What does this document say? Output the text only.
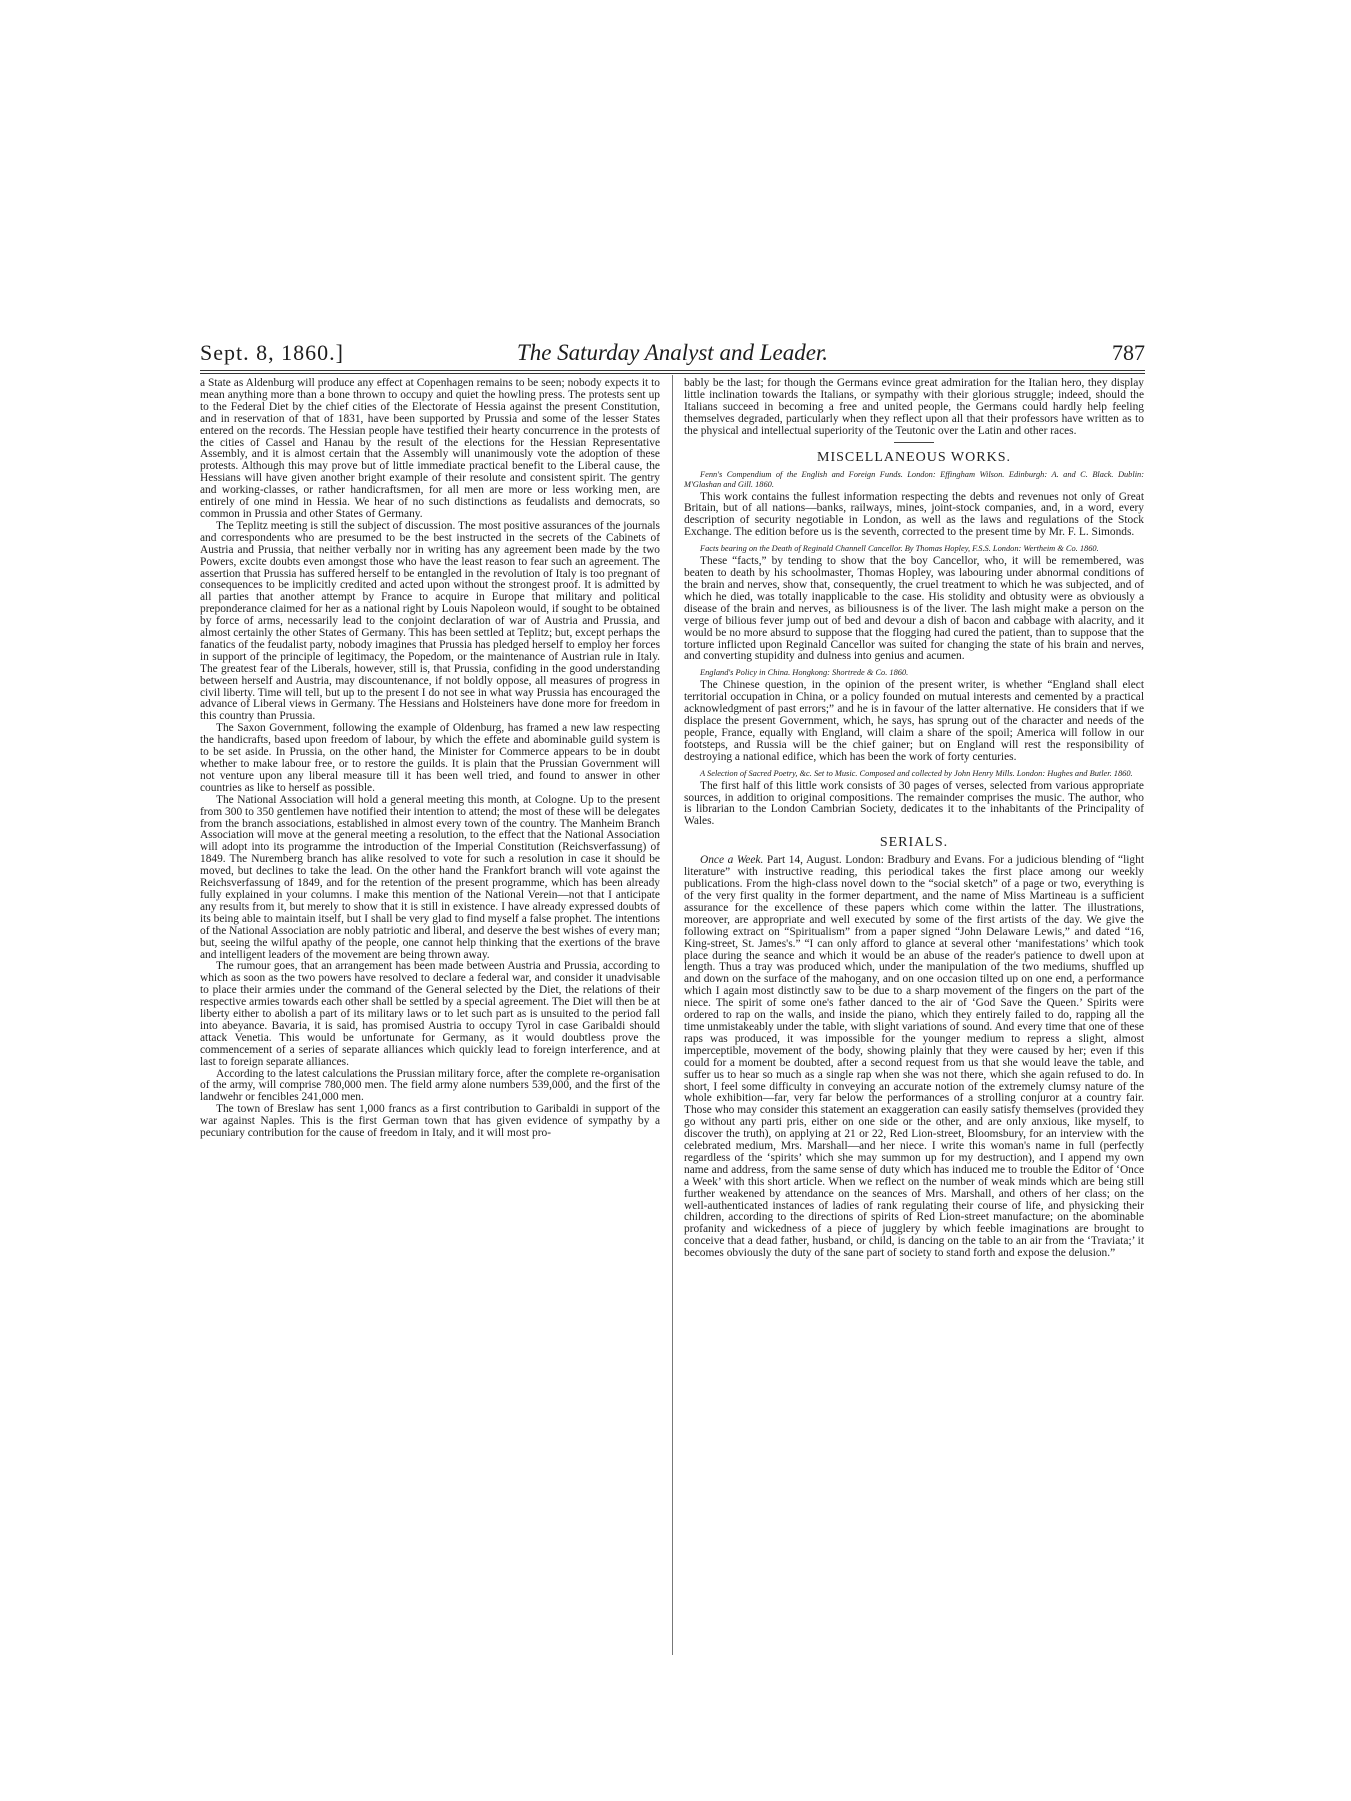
Sept. 8, 1860.]	The Saturday Analyst and Leader.	787

a State as Aldenburg will produce any effect at Copenhagen remains to be seen; nobody expects it to mean anything more than a bone thrown to occupy and quiet the howling press. The protests sent up to the Federal Diet by the chief cities of the Electorate of Hessia against the present Constitution, and in reservation of that of 1831, have been supported by Prussia and some of the lesser States entered on the records. The Hessian people have testified their hearty concurrence in the protests of the cities of Cassel and Hanau by the result of the elections for the Hessian Representative Assembly, and it is almost certain that the Assembly will unanimously vote the adoption of these protests. Although this may prove but of little immediate practical benefit to the Liberal cause, the Hessians will have given another bright example of their resolute and consistent spirit. The gentry and working-classes, or rather handicraftsmen, for all men are more or less working men, are entirely of one mind in Hessia. We hear of no such distinctions as feudalists and democrats, so common in Prussia and other States of Germany.

The Teplitz meeting is still the subject of discussion. The most positive assurances of the journals and correspondents who are presumed to be the best instructed in the secrets of the Cabinets of Austria and Prussia, that neither verbally nor in writing has any agreement been made by the two Powers, excite doubts even amongst those who have the least reason to fear such an agreement. The assertion that Prussia has suffered herself to be entangled in the revolution of Italy is too pregnant of consequences to be implicitly credited and acted upon without the strongest proof. It is admitted by all parties that another attempt by France to acquire in Europe that military and political preponderance claimed for her as a national right by Louis Napoleon would, if sought to be obtained by force of arms, necessarily lead to the conjoint declaration of war of Austria and Prussia, and almost certainly the other States of Germany. This has been settled at Teplitz; but, except perhaps the fanatics of the feudalist party, nobody imagines that Prussia has pledged herself to employ her forces in support of the principle of legitimacy, the Popedom, or the maintenance of Austrian rule in Italy. The greatest fear of the Liberals, however, still is, that Prussia, confiding in the good understanding between herself and Austria, may discountenance, if not boldly oppose, all measures of progress in civil liberty. Time will tell, but up to the present I do not see in what way Prussia has encouraged the advance of Liberal views in Germany. The Hessians and Holsteiners have done more for freedom in this country than Prussia.

The Saxon Government, following the example of Oldenburg, has framed a new law respecting the handicrafts, based upon freedom of labour, by which the effete and abominable guild system is to be set aside. In Prussia, on the other hand, the Minister for Commerce appears to be in doubt whether to make labour free, or to restore the guilds. It is plain that the Prussian Government will not venture upon any liberal measure till it has been well tried, and found to answer in other countries as like to herself as possible.

The National Association will hold a general meeting this month, at Cologne. Up to the present from 300 to 350 gentlemen have notified their intention to attend; the most of these will be delegates from the branch associations, established in almost every town of the country. The Manheim Branch Association will move at the general meeting a resolution, to the effect that the National Association will adopt into its programme the introduction of the Imperial Constitution (Reichsverfassung) of 1849. The Nuremberg branch has alike resolved to vote for such a resolution in case it should be moved, but declines to take the lead. On the other hand the Frankfort branch will vote against the Reichsverfassung of 1849, and for the retention of the present programme, which has been already fully explained in your columns. I make this mention of the National Verein—not that I anticipate any results from it, but merely to show that it is still in existence. I have already expressed doubts of its being able to maintain itself, but I shall be very glad to find myself a false prophet. The intentions of the National Association are nobly patriotic and liberal, and deserve the best wishes of every man; but, seeing the wilful apathy of the people, one cannot help thinking that the exertions of the brave and intelligent leaders of the movement are being thrown away.

The rumour goes, that an arrangement has been made between Austria and Prussia, according to which as soon as the two powers have resolved to declare a federal war, and consider it unadvisable to place their armies under the command of the General selected by the Diet, the relations of their respective armies towards each other shall be settled by a special agreement. The Diet will then be at liberty either to abolish a part of its military laws or to let such part as is unsuited to the period fall into abeyance. Bavaria, it is said, has promised Austria to occupy Tyrol in case Garibaldi should attack Venetia. This would be unfortunate for Germany, as it would doubtless prove the commencement of a series of separate alliances which quickly lead to foreign interference, and at last to foreign separate alliances.

According to the latest calculations the Prussian military force, after the complete re-organisation of the army, will comprise 780,000 men. The field army alone numbers 539,000, and the first of the landwehr or fencibles 241,000 men.

The town of Breslaw has sent 1,000 francs as a first contribution to Garibaldi in support of the war against Naples. This is the first German town that has given evidence of sympathy by a pecuniary contribution for the cause of freedom in Italy, and it will most pro-

bably be the last; for though the Germans evince great admiration for the Italian hero, they display little inclination towards the Italians, or sympathy with their glorious struggle; indeed, should the Italians succeed in becoming a free and united people, the Germans could hardly help feeling themselves degraded, particularly when they reflect upon all that their professors have written as to the physical and intellectual superiority of the Teutonic over the Latin and other races.

MISCELLANEOUS WORKS.
Fenn's Compendium of the English and Foreign Funds. London: Effingham Wilson. Edinburgh: A. and C. Black. Dublin: M'Glashan and Gill. 1860.

This work contains the fullest information respecting the debts and revenues not only of Great Britain, but of all nations—banks, railways, mines, joint-stock companies, and, in a word, every description of security negotiable in London, as well as the laws and regulations of the Stock Exchange. The edition before us is the seventh, corrected to the present time by Mr. F. L. Simonds.

Facts bearing on the Death of Reginald Channell Cancellor. By Thomas Hopley, F.S.S. London: Wertheim & Co. 1860.

These “facts,” by tending to show that the boy Cancellor, who, it will be remembered, was beaten to death by his schoolmaster, Thomas Hopley, was labouring under abnormal conditions of the brain and nerves, show that, consequently, the cruel treatment to which he was subjected, and of which he died, was totally inapplicable to the case. His stolidity and obtusity were as obviously a disease of the brain and nerves, as biliousness is of the liver. The lash might make a person on the verge of bilious fever jump out of bed and devour a dish of bacon and cabbage with alacrity, and it would be no more absurd to suppose that the flogging had cured the patient, than to suppose that the torture inflicted upon Reginald Cancellor was suited for changing the state of his brain and nerves, and converting stupidity and dulness into genius and acumen.

England's Policy in China. Hongkong: Shortrede & Co. 1860.

The Chinese question, in the opinion of the present writer, is whether “England shall elect territorial occupation in China, or a policy founded on mutual interests and cemented by a practical acknowledgment of past errors;” and he is in favour of the latter alternative. He considers that if we displace the present Government, which, he says, has sprung out of the character and needs of the people, France, equally with England, will claim a share of the spoil; America will follow in our footsteps, and Russia will be the chief gainer; but on England will rest the responsibility of destroying a national edifice, which has been the work of forty centuries.

A Selection of Sacred Poetry, &c. Set to Music. Composed and collected by John Henry Mills. London: Hughes and Butler. 1860.

The first half of this little work consists of 30 pages of verses, selected from various appropriate sources, in addition to original compositions. The remainder comprises the music. The author, who is librarian to the London Cambrian Society, dedicates it to the inhabitants of the Principality of Wales.

SERIALS.

Once a Week. Part 14, August. London: Bradbury and Evans. For a judicious blending of “light literature” with instructive reading, this periodical takes the first place among our weekly publications. From the high-class novel down to the “social sketch” of a page or two, everything is of the very first quality in the former department, and the name of Miss Martineau is a sufficient assurance for the excellence of these papers which come within the latter. The illustrations, moreover, are appropriate and well executed by some of the first artists of the day. We give the following extract on “Spiritualism” from a paper signed “John Delaware Lewis,” and dated “16, King-street, St. James's.” “I can only afford to glance at several other ‘manifestations’ which took place during the seance and which it would be an abuse of the reader's patience to dwell upon at length. Thus a tray was produced which, under the manipulation of the two mediums, shuffled up and down on the surface of the mahogany, and on one occasion tilted up on one end, a performance which I again most distinctly saw to be due to a sharp movement of the fingers on the part of the niece. The spirit of some one's father danced to the air of ‘God Save the Queen.’ Spirits were ordered to rap on the walls, and inside the piano, which they entirely failed to do, rapping all the time unmistakeably under the table, with slight variations of sound. And every time that one of these raps was produced, it was impossible for the younger medium to repress a slight, almost imperceptible, movement of the body, showing plainly that they were caused by her; even if this could for a moment be doubted, after a second request from us that she would leave the table, and suffer us to hear so much as a single rap when she was not there, which she again refused to do. In short, I feel some difficulty in conveying an accurate notion of the extremely clumsy nature of the whole exhibition—far, very far below the performances of a strolling conjuror at a country fair. Those who may consider this statement an exaggeration can easily satisfy themselves (provided they go without any parti pris, either on one side or the other, and are only anxious, like myself, to discover the truth), on applying at 21 or 22, Red Lion-street, Bloomsbury, for an interview with the celebrated medium, Mrs. Marshall—and her niece. I write this woman's name in full (perfectly regardless of the ‘spirits’ which she may summon up for my destruction), and I append my own name and address, from the same sense of duty which has induced me to trouble the Editor of ‘Once a Week’ with this short article. When we reflect on the number of weak minds which are being still further weakened by attendance on the seances of Mrs. Marshall, and others of her class; on the well-authenticated instances of ladies of rank regulating their course of life, and physicking their children, according to the directions of spirits of Red Lion-street manufacture; on the abominable profanity and wickedness of a piece of jugglery by which feeble imaginations are brought to conceive that a dead father, husband, or child, is dancing on the table to an air from the ‘Traviata;’ it becomes obviously the duty of the sane part of society to stand forth and expose the delusion.”
